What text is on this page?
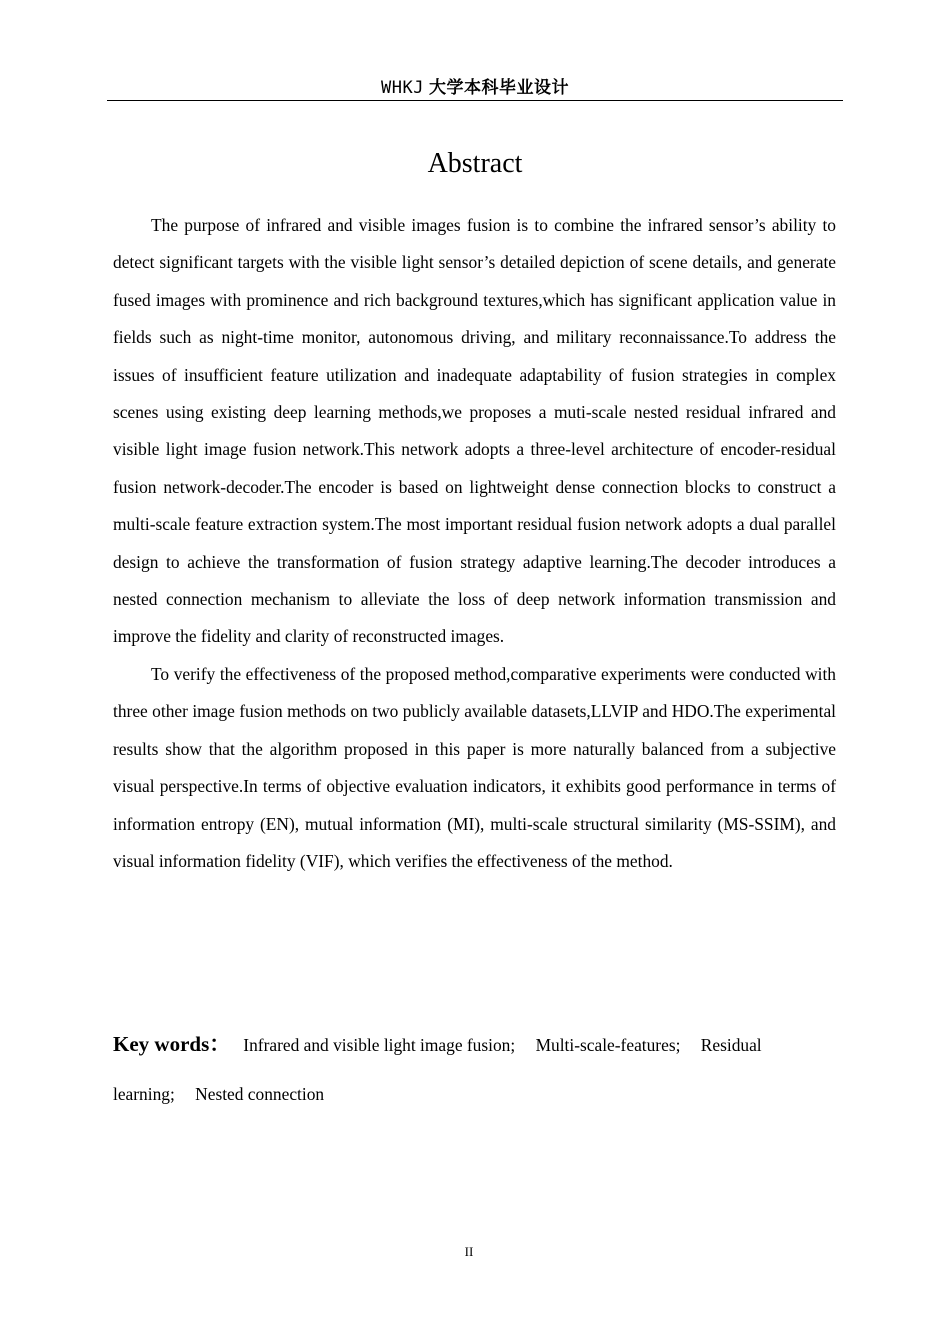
WHKJ 大学本科毕业设计
Abstract

The purpose of infrared and visible images fusion is to combine the infrared sensor’s ability to detect significant targets with the visible light sensor’s detailed depiction of scene details, and generate fused images with prominence and rich background textures,which has significant application value in fields such as night-time monitor, autonomous driving, and military reconnaissance.To address the issues of insufficient feature utilization and inadequate adaptability of fusion strategies in complex scenes using existing deep learning methods,we proposes a muti-scale nested residual infrared and visible light image fusion network.This network adopts a three-level architecture of encoder-residual fusion network-decoder.The encoder is based on lightweight dense connection blocks to construct a multi-scale feature extraction system.The most important residual fusion network adopts a dual parallel design to achieve the transformation of fusion strategy adaptive learning.The decoder introduces a nested connection mechanism to alleviate the loss of deep network information transmission and improve the fidelity and clarity of reconstructed images.

To verify the effectiveness of the proposed method,comparative experiments were conducted with three other image fusion methods on two publicly available datasets,LLVIP and HDO.The experimental results show that the algorithm proposed in this paper is more naturally balanced from a subjective visual perspective.In terms of objective evaluation indicators, it exhibits good performance in terms of information entropy (EN), mutual information (MI), multi-scale structural similarity (MS-SSIM), and visual information fidelity (VIF), which verifies the effectiveness of the method.

Key words： Infrared and visible light image fusion; Multi-scale-features; Residual learning; Nested connection
II
